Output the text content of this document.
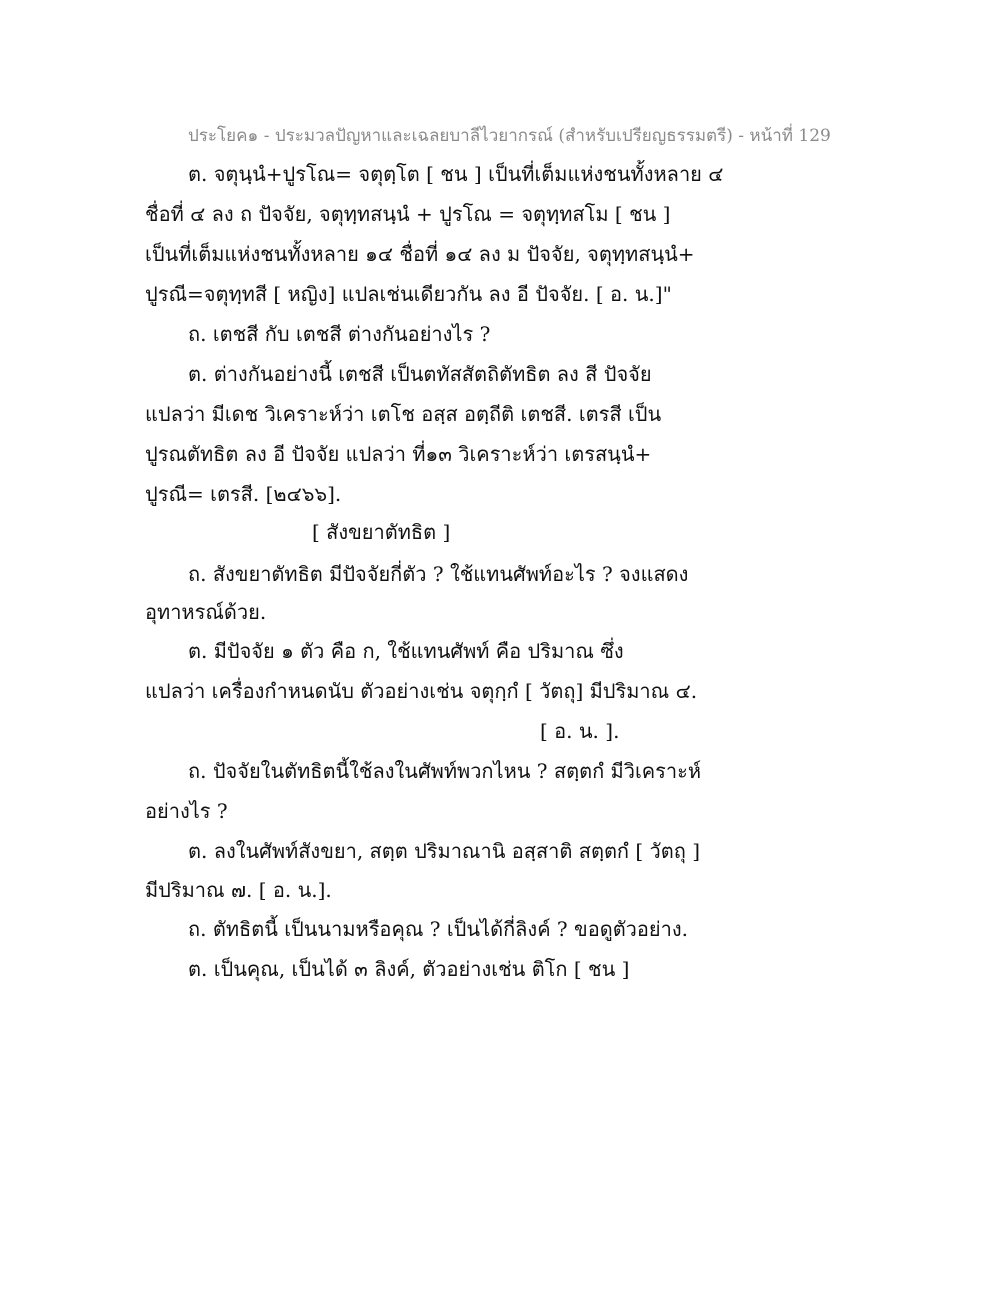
ประโยค๑ - ประมวลปัญหาและเฉลยบาลีไวยากรณ์ (สำหรับเปรียญธรรมตรี) - หน้าที่ 129
ต. จตุนฺนํ+ปูรโณ= จตุตฺโต [ ชน ] เป็นที่เต็มแห่งชนทั้งหลาย ๔
ชื่อที่ ๔ ลง ถ ปัจจัย, จตุทฺทสนฺนํ + ปูรโณ = จตุทฺทสโม [ ชน ]
เป็นที่เต็มแห่งชนทั้งหลาย ๑๔ ชื่อที่ ๑๔ ลง ม ปัจจัย, จตุทฺทสนฺนํ+
ปูรณี=จตุทฺทสี [ หญิง] แปลเช่นเดียวกัน ลง อี ปัจจัย. [ อ. น.]"
ถ. เตชสี กับ เตชสี ต่างกันอย่างไร ?
ต. ต่างกันอย่างนี้ เตชสี เป็นตทัสสัตถิตัทธิต ลง สี ปัจจัย
แปลว่า มีเดช วิเคราะห์ว่า เตโช อสฺส อตฺถีติ เตชสี. เตรสี เป็น
ปูรณตัทธิต ลง อี ปัจจัย แปลว่า ที่๑๓ วิเคราะห์ว่า เตรสนฺนํ+
ปูรณี= เตรสี. [๒๔๖๖].
[ สังขยาตัทธิต ]
ถ. สังขยาตัทธิต มีปัจจัยกี่ตัว ? ใช้แทนศัพท์อะไร ? จงแสดง
อุทาหรณ์ด้วย.
ต. มีปัจจัย ๑ ตัว คือ ก, ใช้แทนศัพท์ คือ ปริมาณ ซึ่ง
แปลว่า เครื่องกำหนดนับ ตัวอย่างเช่น จตุกฺกํ [ วัตถุ] มีปริมาณ ๔.
[ อ. น. ].
ถ. ปัจจัยในตัทธิตนี้ใช้ลงในศัพท์พวกไหน ? สตฺตกํ มีวิเคราะห์
อย่างไร ?
ต. ลงในศัพท์สังขยา, สตฺต ปริมาณานิ อสฺสาติ สตฺตกํ [ วัตถุ ]
มีปริมาณ ๗. [ อ. น.].
ถ. ตัทธิตนี้ เป็นนามหรือคุณ ? เป็นได้กี่ลิงค์ ? ขอดูตัวอย่าง.
ต. เป็นคุณ, เป็นได้ ๓ ลิงค์, ตัวอย่างเช่น ติโก [ ชน ]
